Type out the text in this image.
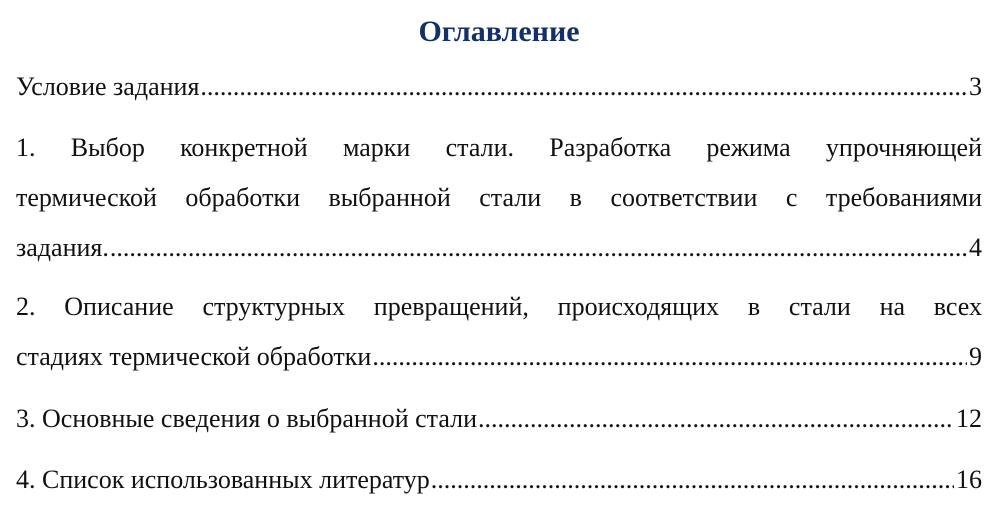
Оглавление
Условие задания .....	3
1. Выбор конкретной марки стали. Разработка режима упрочняющей
термической обработки выбранной стали в соответствии с требованиями
задания. .....	4
2. Описание структурных превращений, происходящих в стали на всех
стадиях термической обработки .....	9
3. Основные сведения о выбранной стали .....	12
4. Список использованных литератур .....	16
